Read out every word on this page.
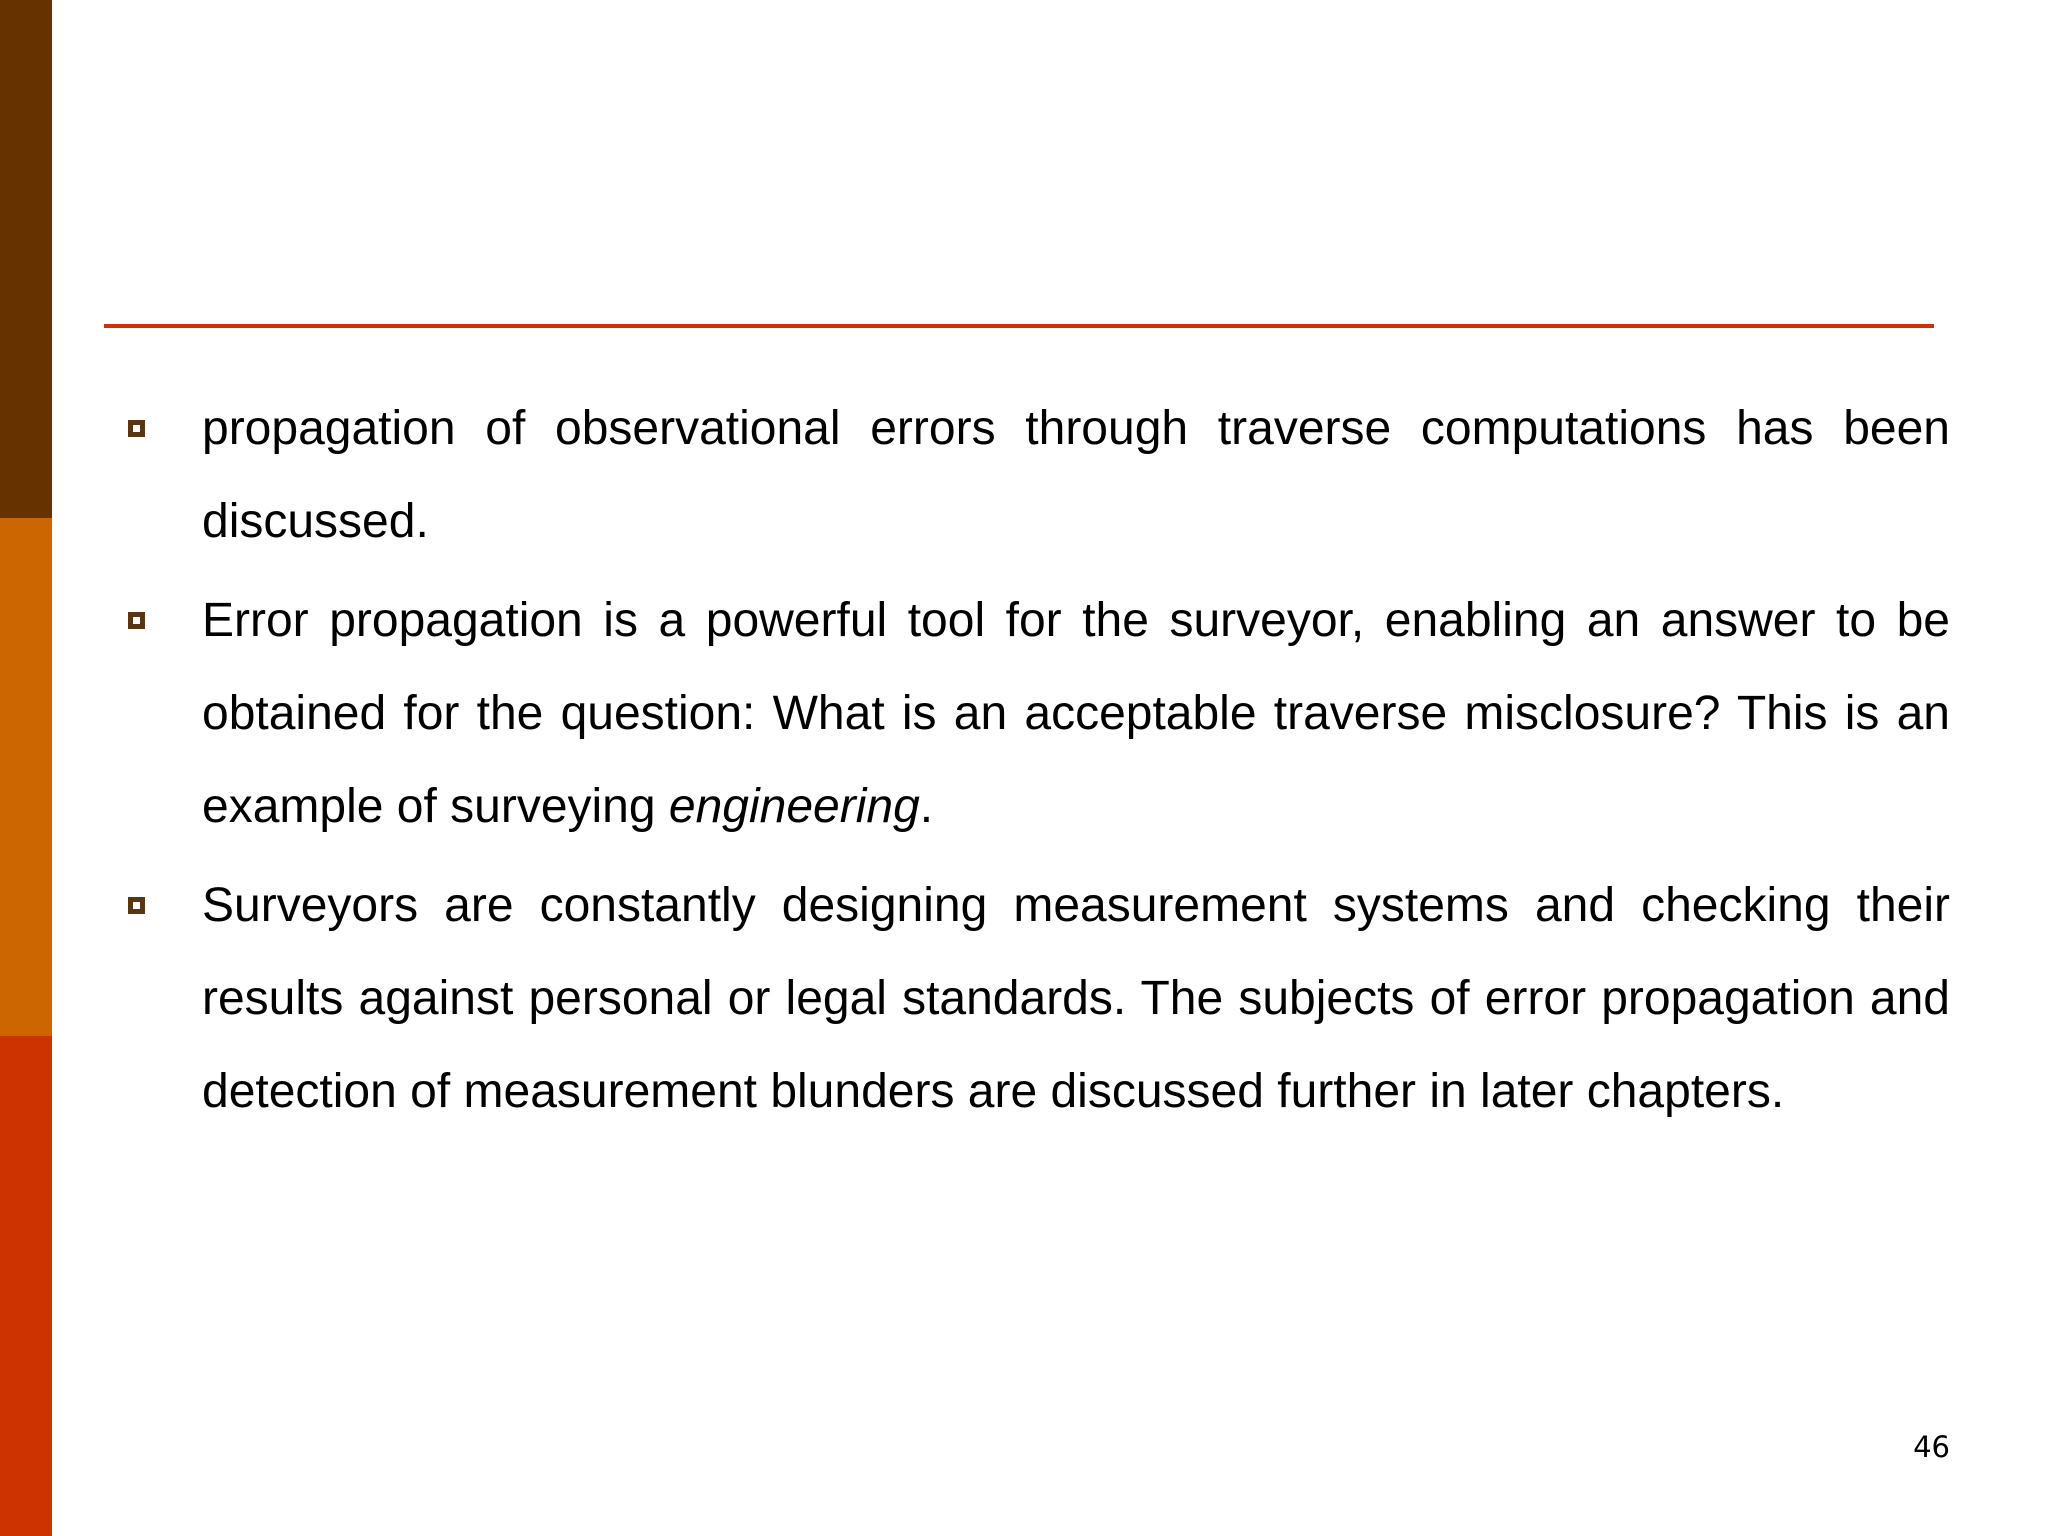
propagation of observational errors through traverse computations has been discussed.
Error propagation is a powerful tool for the surveyor, enabling an answer to be obtained for the question: What is an acceptable traverse misclosure? This is an example of surveying engineering.
Surveyors are constantly designing measurement systems and checking their results against personal or legal standards. The subjects of error propagation and detection of measurement blunders are discussed further in later chapters.
46
